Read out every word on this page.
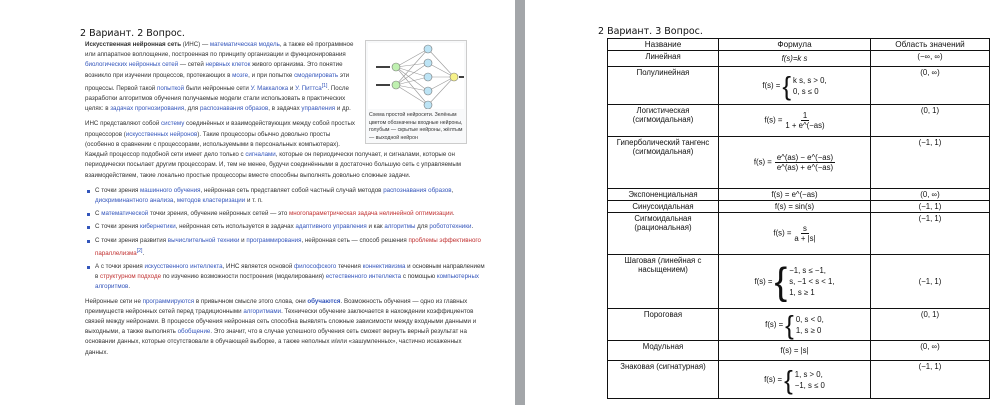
2 Вариант. 2 Вопрос.
Схема простой нейросети. Зелёным цветом обозначены входные нейроны, голубым — скрытые нейроны, жёлтым — выходной нейрон

Искусственная нейронная сеть (ИНС) — математическая модель, а также её программное или аппаратное воплощение, построенная по принципу организации и функционирования биологических нейронных сетей — сетей нервных клеток живого организма. Это понятие возникло при изучении процессов, протекающих в мозге, и при попытке смоделировать эти процессы. Первой такой попыткой были нейронные сети У. Маккалока и У. Питтса[1]. После разработки алгоритмов обучения получаемые модели стали использовать в практических целях: в задачах прогнозирования, для распознавания образов, в задачах управления и др.

ИНС представляют собой систему соединённых и взаимодействующих между собой простых процессоров (искусственных нейронов). Такие процессоры обычно довольно просты (особенно в сравнении с процессорами, используемыми в персональных компьютерах). Каждый процессор подобной сети имеет дело только с сигналами, которые он периодически получает, и сигналами, которые он периодически посылает другим процессорам. И, тем не менее, будучи соединёнными в достаточно большую сеть с управляемым взаимодействием, такие локально простые процессоры вместе способны выполнять довольно сложные задачи.

С точки зрения машинного обучения, нейронная сеть представляет собой частный случай методов распознавания образов, дискриминантного анализа, методов кластеризации и т. п.
С математической точки зрения, обучение нейронных сетей — это многопараметрическая задача нелинейной оптимизации.
С точки зрения кибернетики, нейронная сеть используется в задачах адаптивного управления и как алгоритмы для робототехники.
С точки зрения развития вычислительной техники и программирования, нейронная сеть — способ решения проблемы эффективного параллелизма[2].
А с точки зрения искусственного интеллекта, ИНС является основой философского течения коннективизма и основным направлением в структурном подходе по изучению возможности построения (моделирования) естественного интеллекта с помощью компьютерных алгоритмов.

Нейронные сети не программируются в привычном смысле этого слова, они обучаются. Возможность обучения — одно из главных преимуществ нейронных сетей перед традиционными алгоритмами. Технически обучение заключается в нахождении коэффициентов связей между нейронами. В процессе обучения нейронная сеть способна выявлять сложные зависимости между входными данными и выходными, а также выполнять обобщение. Это значит, что в случае успешного обучения сеть сможет вернуть верный результат на основании данных, которые отсутствовали в обучающей выборке, а также неполных и/или «зашумленных», частично искаженных данных.

2 Вариант. 3 Вопрос.
Название	Формула	Область значений
Линейная	f(s)=k s	(−∞, ∞)
Полулинейная	f(s) = { k s, s > 0,
0, s ≤ 0	(0, ∞)
Логистическая (сигмоидальная)	$f(s) = \frac{1}{1 + e\^{}(-as)}$	(0, 1)
Гиперболический тангенс (сигмоидальная)	$f(s) = \frac{e\^{}(as) - e\^{}(-as)}{e\^{}(as) + e\^{}(-as)}$	(−1, 1)
Экспоненциальная	f(s) = e^(−as)	(0, ∞)
Синусоидальная	f(s) = sin(s)	(−1, 1)
Сигмоидальная (рациональная)	$f(s) = \frac{s}{a + |s|}$	(−1, 1)
Шаговая (линейная с насыщением)	f(s) = { −1, s ≤ −1,
s, −1 < s < 1,
1, s ≥ 1	(−1, 1)
Пороговая	f(s) = { 0, s < 0,
1, s ≥ 0	(0, 1)
Модульная	f(s) = |s|	(0, ∞)
Знаковая (сигнатурная)	f(s) = { 1, s > 0,
−1, s ≤ 0	(−1, 1)
